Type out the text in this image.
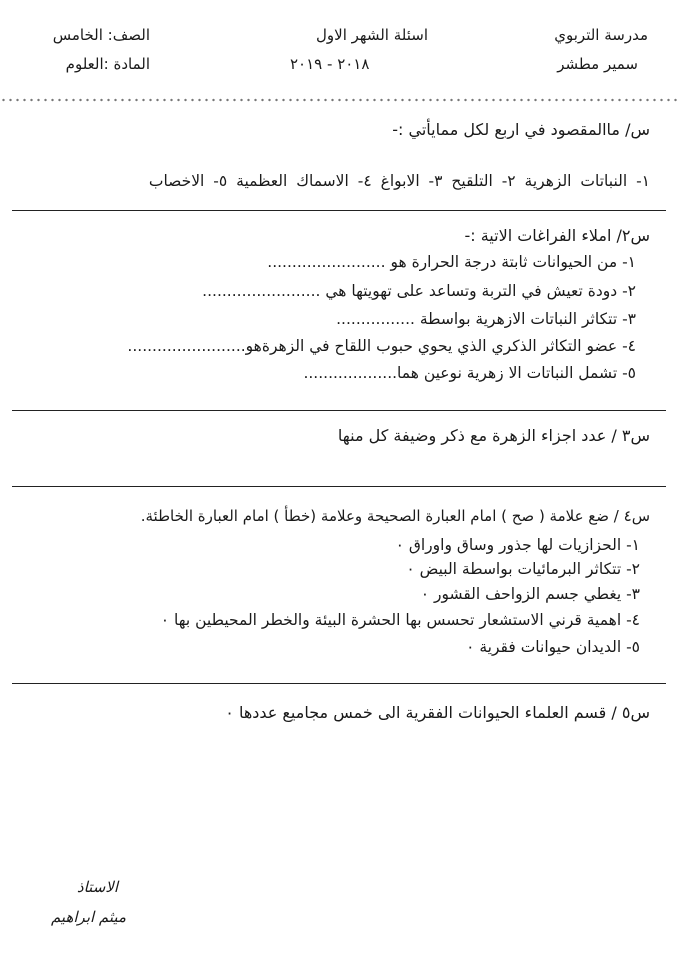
مدرسة التربوي
سمير مطشر
اسئلة الشهر الاول
٢٠١٨ - ٢٠١٩
الصف: الخامس
المادة :العلوم
س/ ماالمقصود في اربع لكل ممايأتي :-
١- النباتات الزهرية ٢- التلقيح ٣- الابواغ ٤- الاسماك العظمية ٥- الاخصاب
س٢/ املاء الفراغات الاتية :-
١- من الحيوانات ثابتة درجة الحرارة هو ........................
٢- دودة تعيش في التربة وتساعد على تهويتها هي ........................
٣- تتكاثر النباتات الازهرية بواسطة ................
٤- عضو التكاثر الذكري الذي يحوي حبوب اللقاح في الزهرةهو........................
٥- تشمل النباتات الا زهرية نوعين هما...................
س٣ / عدد اجزاء الزهرة مع ذكر وضيفة كل منها
س٤ / ضع علامة ( صح ) امام العبارة الصحيحة وعلامة (خطأ ) امام العبارة الخاطئة.
١- الحزازيات لها جذور وساق واوراق ٠
٢- تتكاثر البرمائيات بواسطة البيض ٠
٣- يغطي جسم الزواحف القشور ٠
٤- اهمية قرني الاستشعار تحسس بها الحشرة البيئة والخطر المحيطين بها ٠
٥- الديدان حيوانات فقرية ٠
س٥ / قسم العلماء الحيوانات الفقرية الى خمس مجاميع عددها ٠
الاستاذ
ميثم ابراهيم
